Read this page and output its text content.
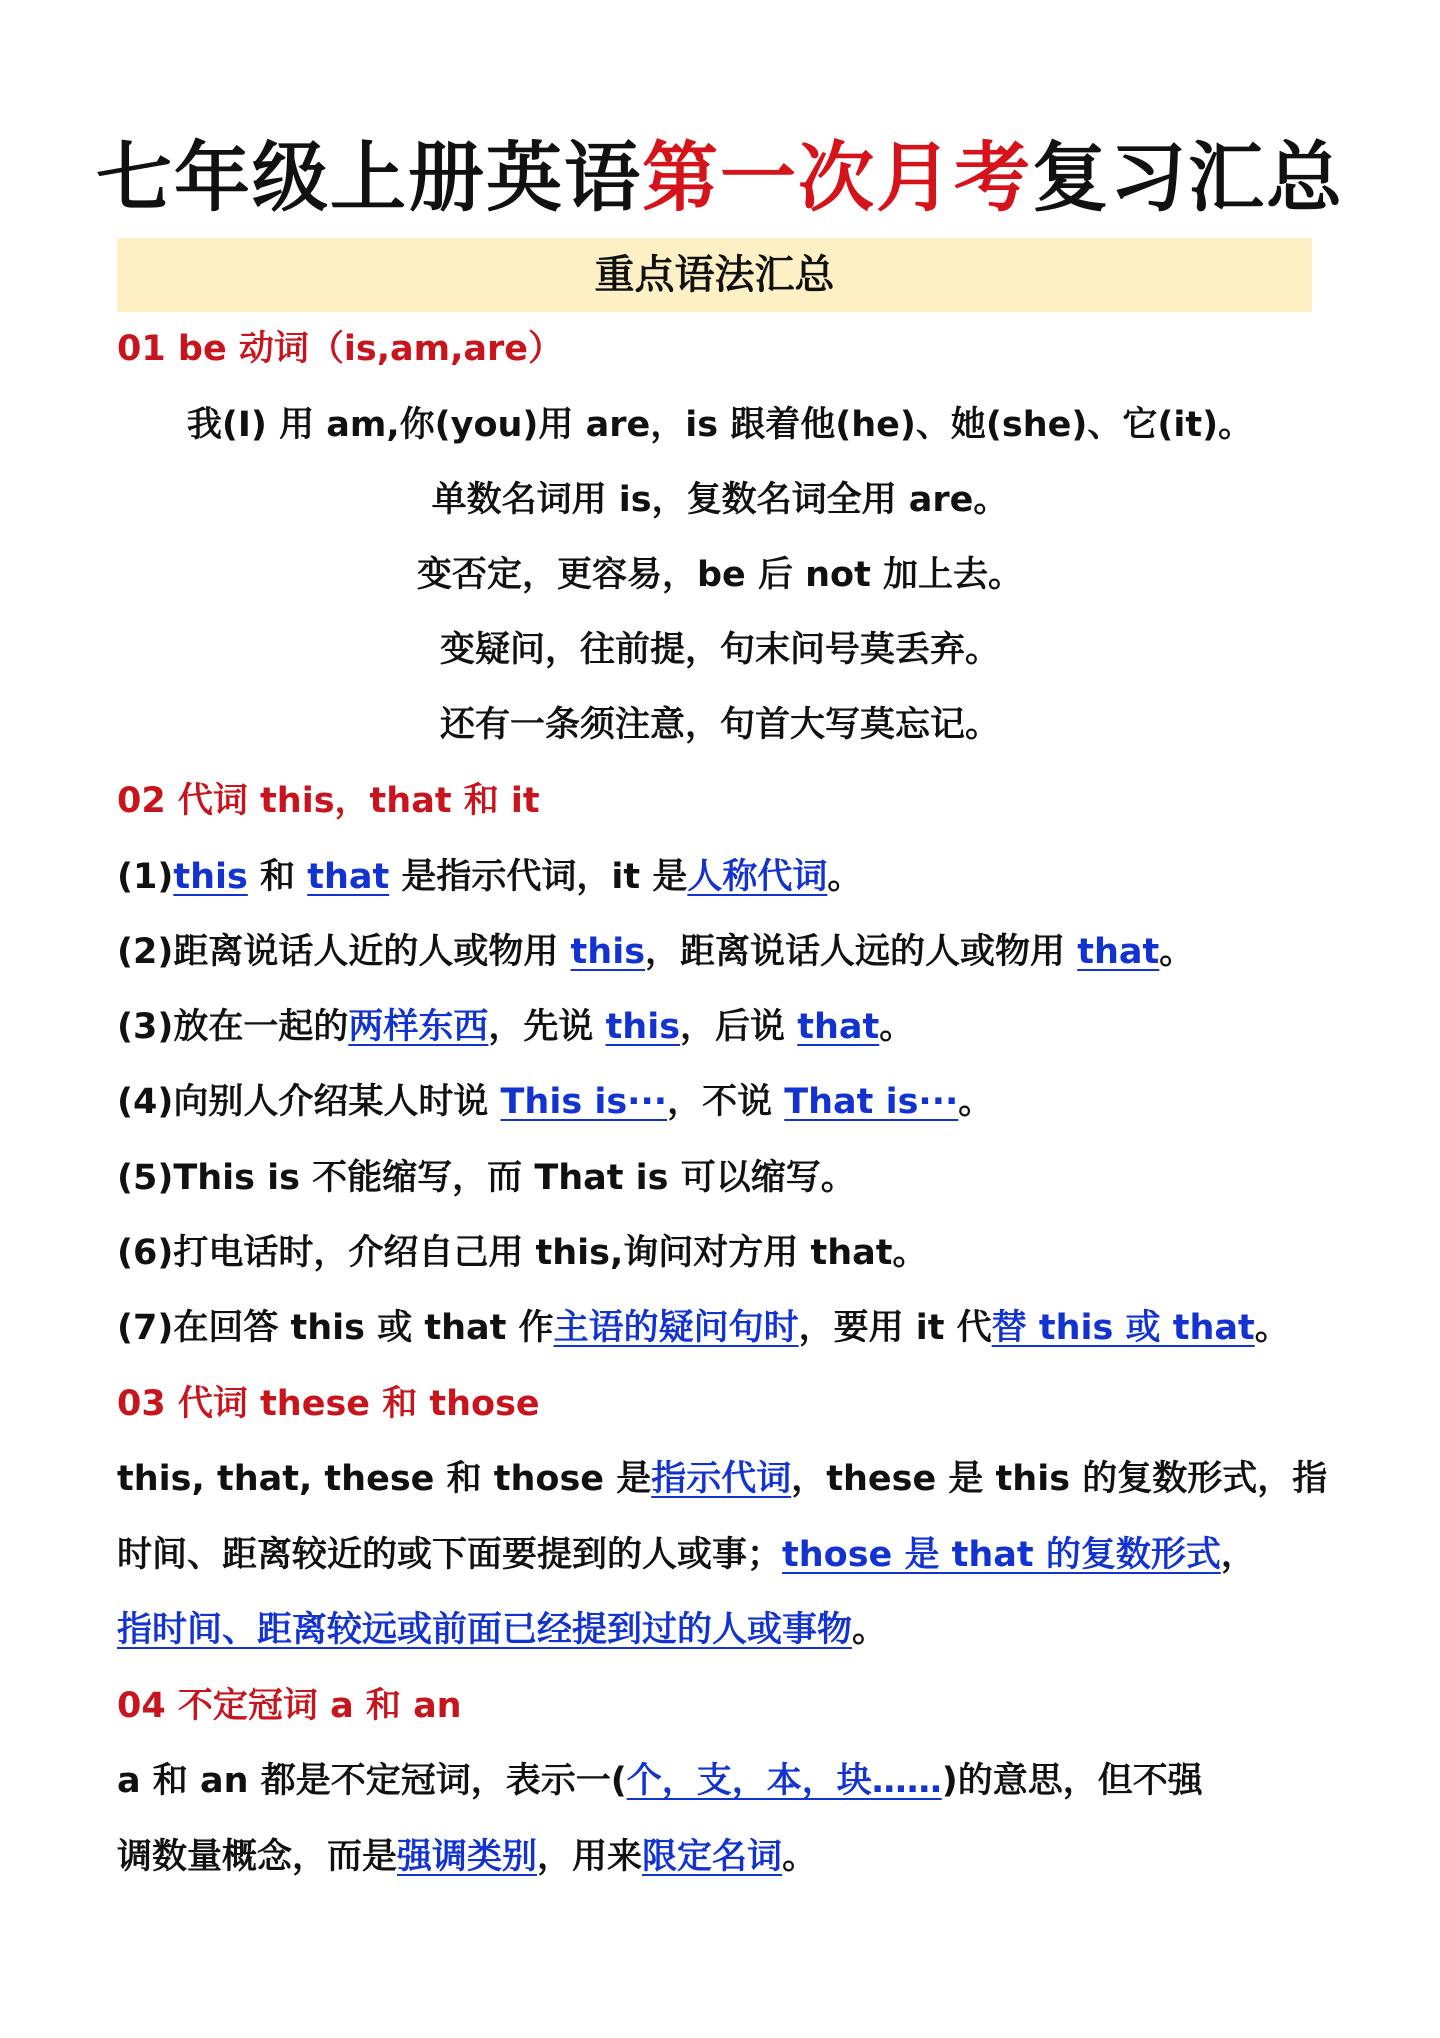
七年级上册英语第一次月考复习汇总
重点语法汇总
01 be 动词（is,am,are）
我(I) 用 am,你(you)用 are，is 跟着他(he)、她(she)、它(it)。
单数名词用 is，复数名词全用 are。
变否定，更容易，be 后 not 加上去。
变疑问，往前提，句末问号莫丢弃。
还有一条须注意，句首大写莫忘记。
02 代词 this，that 和 it
(1)this 和 that 是指示代词，it 是人称代词。
(2)距离说话人近的人或物用 this，距离说话人远的人或物用 that。
(3)放在一起的两样东西，先说 this，后说 that。
(4)向别人介绍某人时说 This is···，不说 That is···。
(5)This is 不能缩写，而 That is 可以缩写。
(6)打电话时，介绍自己用 this,询问对方用 that。
(7)在回答 this 或 that 作主语的疑问句时，要用 it 代替 this 或 that。
03 代词 these 和 those
this, that, these 和 those 是指示代词，these 是 this 的复数形式，指
时间、距离较近的或下面要提到的人或事；those 是 that 的复数形式，
指时间、距离较远或前面已经提到过的人或事物。
04 不定冠词 a 和 an
a 和 an 都是不定冠词，表示一(个，支，本，块……)的意思，但不强
调数量概念，而是强调类别，用来限定名词。
